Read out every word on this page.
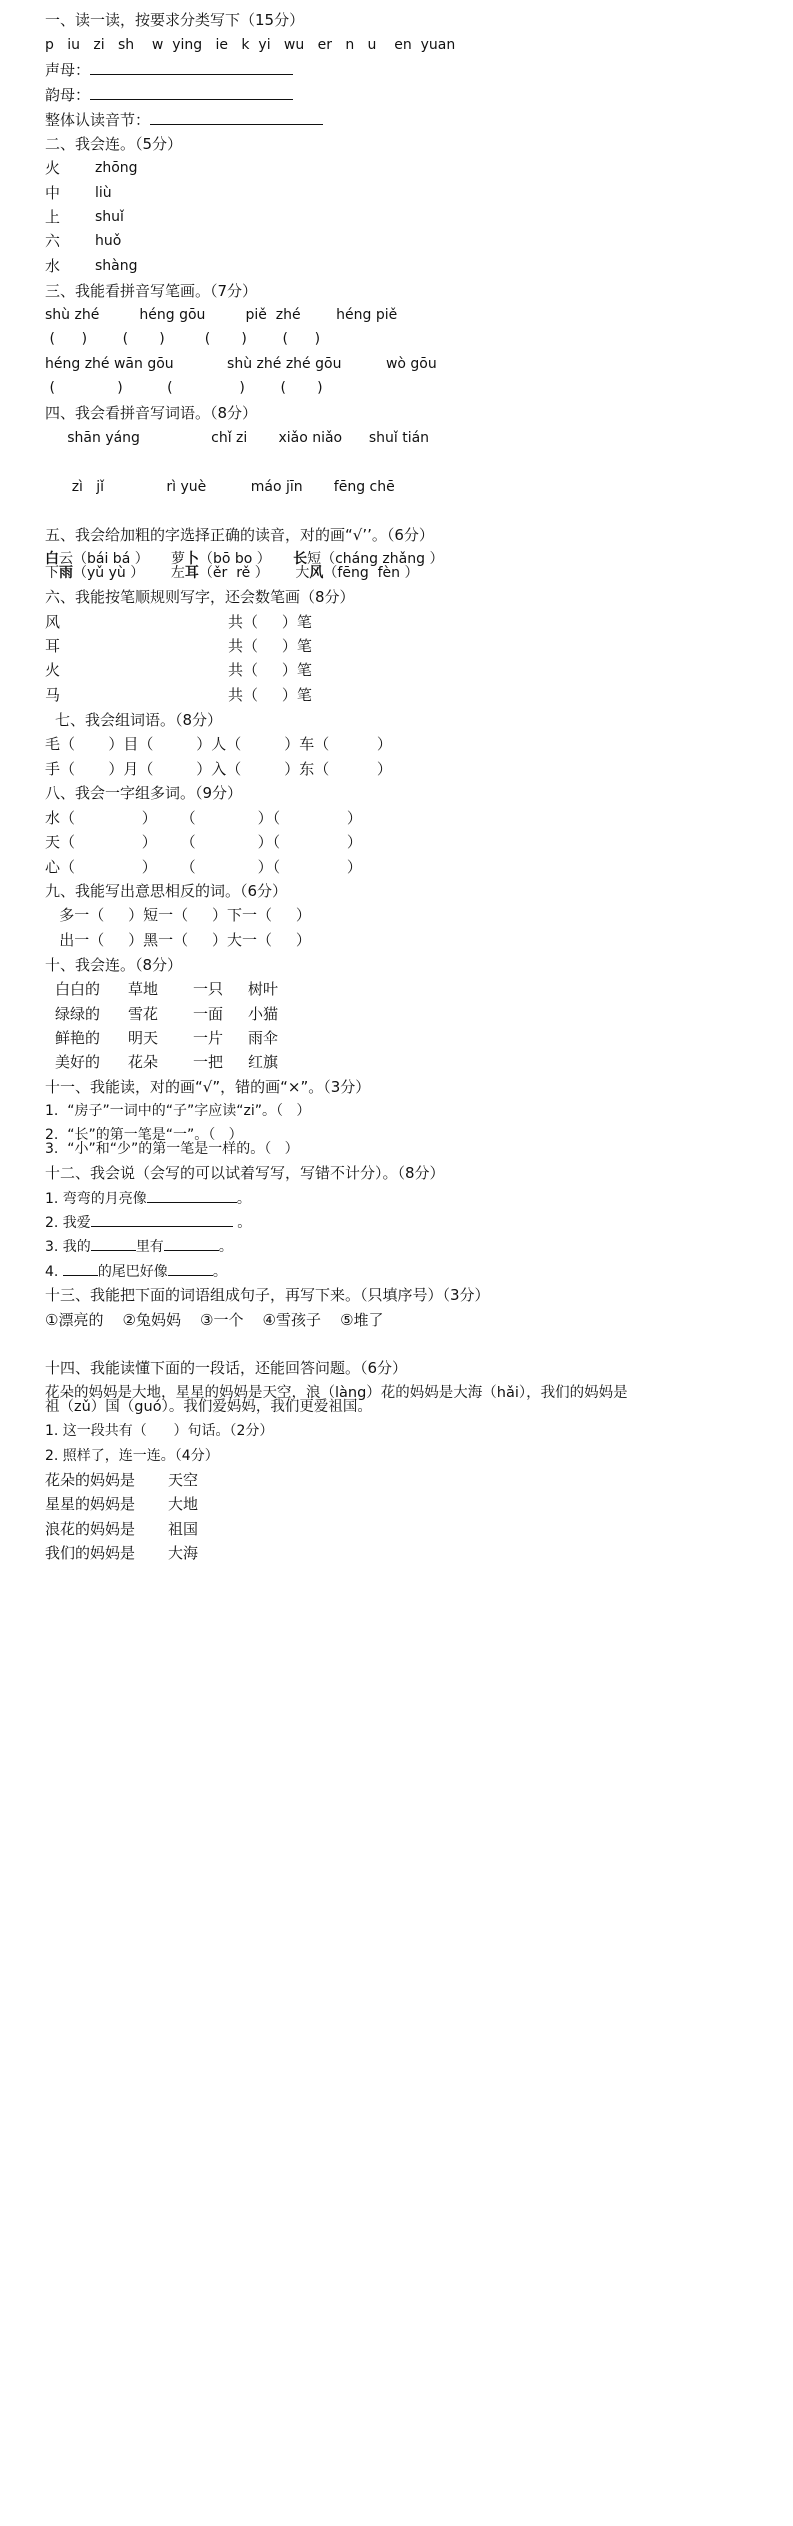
一、读一读，按要求分类写下（15分）
p   iu   zi   sh    w  ying   ie   k  yi   wu   er   n   u    en  yuan
声母：
韵母：
整体认读音节：
二、我会连。（5分）
火 zhōng
中 liù
上 shuǐ
六 huǒ
水 shàng
三、我能看拼音写笔画。（7分）
shù zhé         héng gōu         piě  zhé        héng piě
(      )        (       )         (       )        (      )
héng zhé wān gōu            shù zhé zhé gōu          wò gōu
(              )          (               )        (       )
四、我会看拼音写词语。（8分）
shān yáng                chǐ zi       xiǎo niǎo      shuǐ tián
zì   jǐ              rì yuè          máo jīn       fēng chē
五、我会给加粗的字选择正确的读音，对的画“√’’。（6分）
白云（bái bá ） 萝卜（bō bo ） 长短（cháng zhǎng ）
下雨（yǔ yù ） 左耳（ěr  rě ） 大风（fēng  fèn ）
六、我能按笔顺规则写字，还会数笔画（8分）
风	共（     ）笔
耳	共（     ）笔
火	共（     ）笔
马	共（     ）笔
七、我会组词语。（8分）
毛（       ）目（         ）人（         ）车（          ）
手（       ）月（         ）入（         ）东（          ）
八、我会一字组多词。（9分）
水（              ）     （             ）（              ）
天（              ）     （             ）（              ）
心（              ）     （             ）（              ）
九、我能写出意思相反的词。（6分）
多一（     ）短一（     ）下一（     ）
出一（     ）黑一（     ）大一（     ）
十、我会连。（8分）
白白的 草地 一只 树叶
绿绿的 雪花 一面 小猫
鲜艳的 明天 一片 雨伞
美好的 花朵 一把 红旗
十一、我能读，对的画“√”，错的画“×”。（3分）
1.  “房子”一词中的“子”字应读“zi”。（   ）
2.  “长”的第一笔是“一”。（   ）
3.  “小”和“少”的第一笔是一样的。（   ）
十二、我会说（会写的可以试着写写，写错不计分）。（8分）
1. 弯弯的月亮像	。
2. 我爱	。
3. 我的	里有	。
4.	的尾巴好像	。
十三、我能把下面的词语组成句子，再写下来。（只填序号）（3分）
①漂亮的    ②兔妈妈    ③一个    ④雪孩子    ⑤堆了
十四、我能读懂下面的一段话，还能回答问题。（6分）
花朵的妈妈是大地，星星的妈妈是天空，浪（làng）花的妈妈是大海（hǎi），我们的妈妈是
祖（zǔ）国（guó）。我们爱妈妈，我们更爱祖国。
1. 这一段共有（      ）句话。（2分）
2. 照样了，连一连。（4分）
花朵的妈妈是 天空
星星的妈妈是 大地
浪花的妈妈是 祖国
我们的妈妈是 大海
